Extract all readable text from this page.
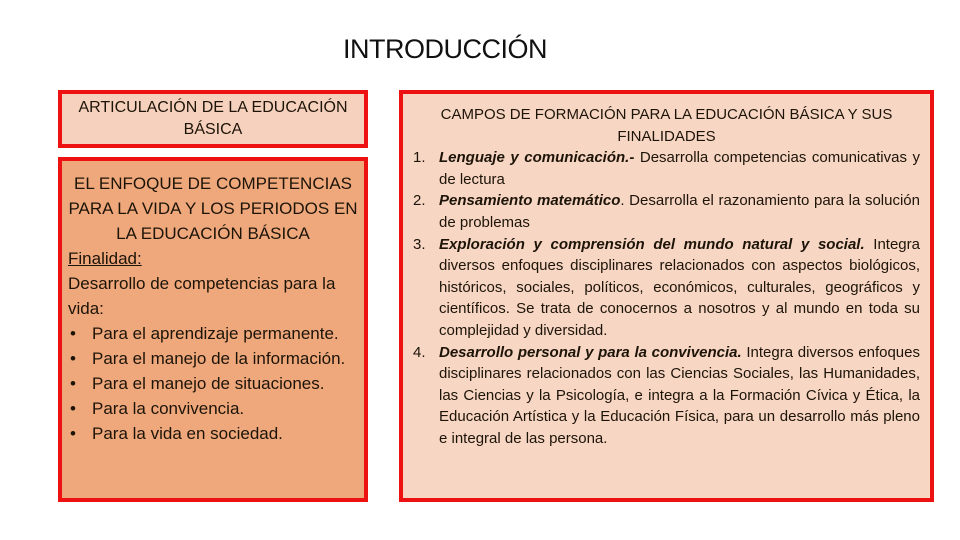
INTRODUCCIÓN
ARTICULACIÓN DE LA EDUCACIÓN BÁSICA
EL ENFOQUE DE COMPETENCIAS PARA LA VIDA Y LOS PERIODOS EN LA EDUCACIÓN BÁSICA
Finalidad:
Desarrollo de competencias para la vida:
• Para el aprendizaje permanente.
• Para el manejo de la información.
• Para el manejo de situaciones.
• Para la convivencia.
• Para la vida en sociedad.
CAMPOS DE FORMACIÓN PARA LA EDUCACIÓN BÁSICA Y SUS FINALIDADES
1. Lenguaje y comunicación.- Desarrolla competencias comunicativas y de lectura
2. Pensamiento matemático. Desarrolla el razonamiento para la solución de problemas
3. Exploración y comprensión del mundo natural y social. Integra diversos enfoques disciplinares relacionados con aspectos biológicos, históricos, sociales, políticos, económicos, culturales, geográficos y científicos. Se trata de conocernos a nosotros y al mundo en toda su complejidad y diversidad.
4. Desarrollo personal y para la convivencia. Integra diversos enfoques disciplinares relacionados con las Ciencias Sociales, las Humanidades, las Ciencias y la Psicología, e integra a la Formación Cívica y Ética, la Educación Artística y la Educación Física, para un desarrollo más pleno e integral de las persona.
